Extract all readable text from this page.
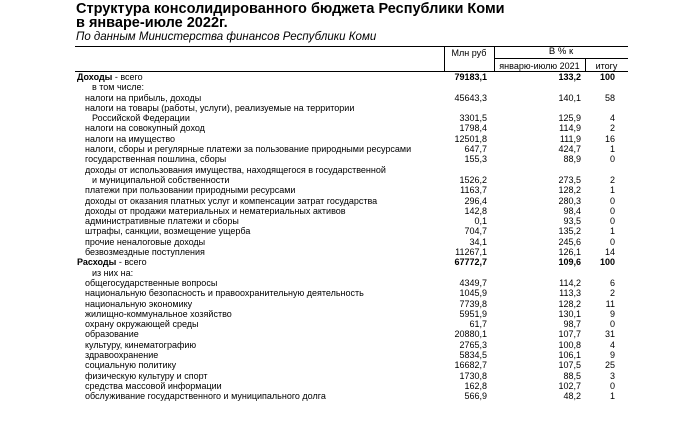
Структура консолидированного бюджета Республики Коми
в январе-июле 2022г.
По данным Министерства финансов Республики Коми
Млн руб	В % к
январю-июлю 2021	итогу
Доходы - всего	79183,1	133,2 100
в том числе:
налоги на прибыль, доходы	45643,3	140,1	58
налоги на товары (работы, услуги), реализуемые на территории
Российской Федерации	3301,5	125,9	4
налоги на совокупный доход	1798,4	114,9	2
налоги на имущество	12501,8	111,9	16
налоги, сборы и регулярные платежи за пользование природными ресурсами	647,7	424,7	1
государственная пошлина, сборы	155,3	88,9	0
доходы от использования имущества, находящегося в государственной
и муниципальной собственности	1526,2	273,5	2
платежи при пользовании природными ресурсами	1163,7	128,2	1
доходы от оказания платных услуг и компенсации затрат государства	296,4	280,3	0
доходы от продажи материальных и нематериальных активов	142,8	98,4	0
административные платежи и сборы	0,1	93,5	0
штрафы, санкции, возмещение ущерба	704,7	135,2	1
прочие неналоговые доходы	34,1	245,6	0
безвозмездные поступления	11267,1	126,1	14
Расходы - всего	67772,7	109,6 100
из них на:
общегосударственные вопросы	4349,7	114,2	6
национальную безопасность и правоохранительную деятельность	1045,9	113,3	2
национальную экономику	7739,8	128,2	11
жилищно-коммунальное хозяйство	5951,9	130,1	9
охрану окружающей среды	61,7	98,7	0
образование	20880,1	107,7	31
культуру, кинематографию	2765,3	100,8	4
здравоохранение	5834,5	106,1	9
социальную политику	16682,7	107,5	25
физическую культуру и спорт	1730,8	88,5	3
средства массовой информации	162,8	102,7	0
обслуживание государственного и муниципального долга	566,9	48,2	1
